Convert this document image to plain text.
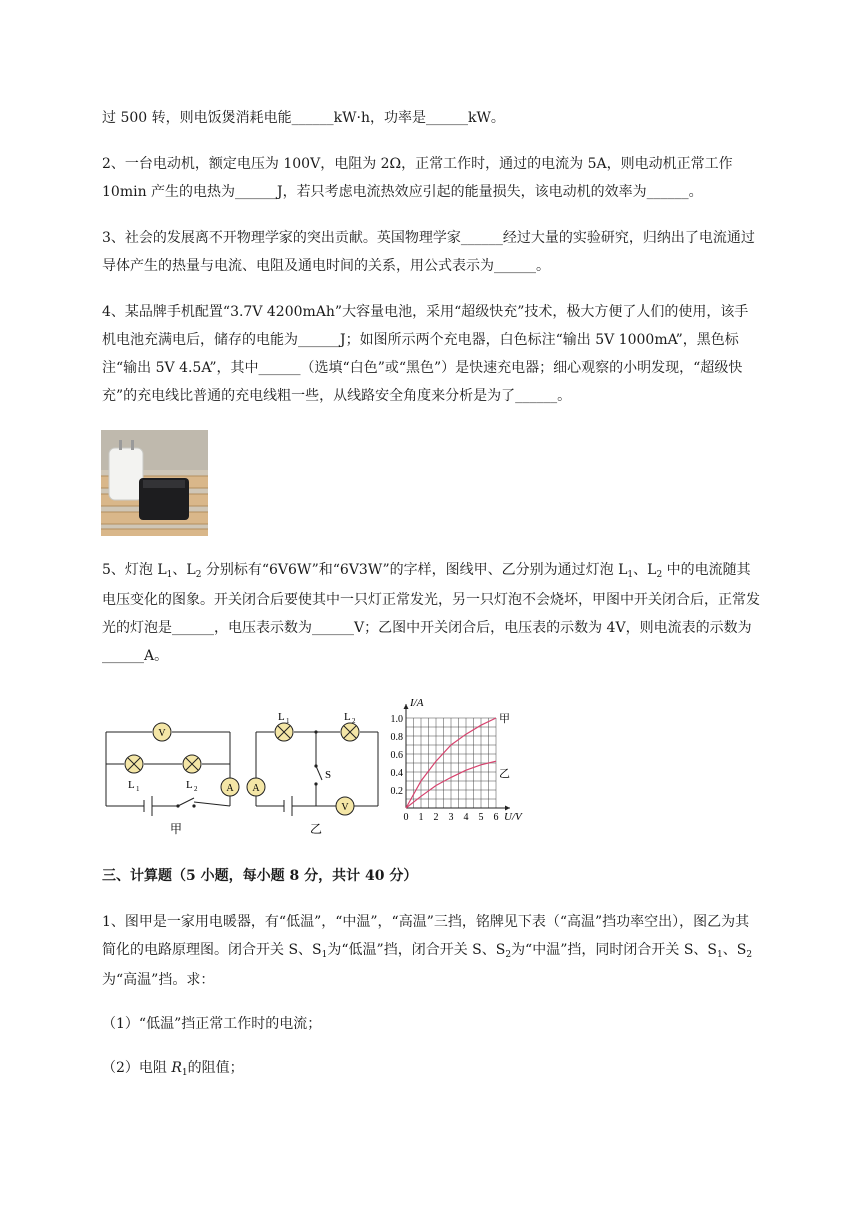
过 500 转，则电饭煲消耗电能______kW·h，功率是______kW。
2、一台电动机，额定电压为 100V，电阻为 2Ω，正常工作时，通过的电流为 5A，则电动机正常工作 10min 产生的电热为______J，若只考虑电流热效应引起的能量损失，该电动机的效率为______。
3、社会的发展离不开物理学家的突出贡献。英国物理学家______经过大量的实验研究，归纳出了电流通过导体产生的热量与电流、电阻及通电时间的关系，用公式表示为______。
4、某品牌手机配置“3.7V 4200mAh”大容量电池，采用“超级快充”技术，极大方便了人们的使用，该手机电池充满电后，储存的电能为______J；如图所示两个充电器，白色标注“输出 5V 1000mA”，黑色标注“输出 5V 4.5A”，其中______（选填“白色”或“黑色”）是快速充电器；细心观察的小明发现，“超级快充”的充电线比普通的充电线粗一些，从线路安全角度来分析是为了______。
5、灯泡 $L_1$、$L_2$ 分别标有“6V6W”和“6V3W”的字样，图线甲、乙分别为通过灯泡 $L_1$、$L_2$ 中的电流随其电压变化的图象。开关闭合后要使其中一只灯正常发光，另一只灯泡不会烧坏，甲图中开关闭合后，正常发光的灯泡是______，电压表示数为______V；乙图中开关闭合后，电压表的示数为 4V，则电流表的示数为______A。
V
A
L 1	L 2
甲
A
V
L 1	L 2
S
乙
1.0
0.8
0.6
0.4
0.2
0 1 2 3 4 5 6
I/A
U/V
甲
乙
三、计算题（5 小题，每小题 8 分，共计 40 分）
1、图甲是一家用电暖器，有“低温”，“中温”，“高温”三挡，铭牌见下表（“高温”挡功率空出），图乙为其简化的电路原理图。闭合开关 S、$S_1$为“低温”挡，闭合开关 S、$S_2$为“中温”挡，同时闭合开关 S、$S_1$、$S_2$为“高温”挡。求：
（1）“低温”挡正常工作时的电流；
（2）电阻 $R_1$的阻值；
